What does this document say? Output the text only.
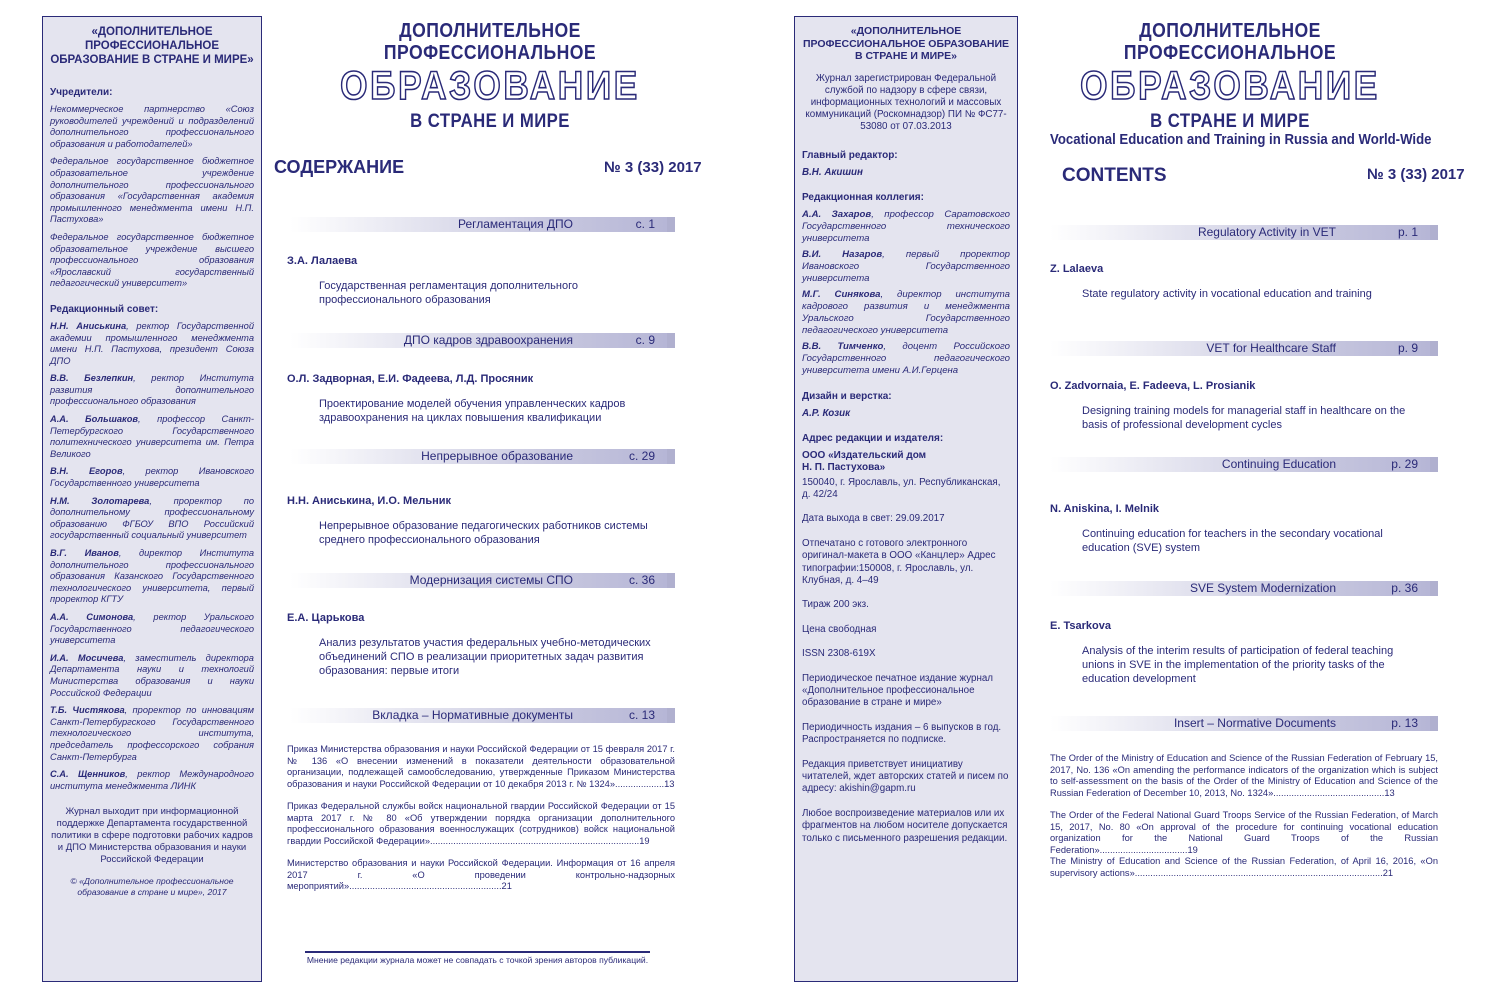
«ДОПОЛНИТЕЛЬНОЕ ПРОФЕССИОНАЛЬНОЕ ОБРАЗОВАНИЕ В СТРАНЕ И МИРЕ»
Учредители:
Некоммерческое партнерство «Союз руководителей учреждений и подразделений дополнительного профессионального образования и работодателей»
Федеральное государственное бюджетное образовательное учреждение дополнительного профессионального образования «Государственная академия промышленного менеджмента имени Н.П. Пастухова»
Федеральное государственное бюджетное образовательное учреждение высшего профессионального образования «Ярославский государственный педагогический университет»
Редакционный совет:
Н.Н. Аниськина, ректор Государственной академии промышленного менеджмента имени Н.П. Пастухова, президент Союза ДПО
В.В. Безлепкин, ректор Института развития дополнительного профессионального образования
А.А. Большаков, профессор Санкт-Петербургского Государственного политехнического университета им. Петра Великого
В.Н. Егоров, ректор Ивановского Государственного университета
Н.М. Золотарева, проректор по дополнительному профессиональному образованию ФГБОУ ВПО Российский государственный социальный университет
В.Г. Иванов, директор Института дополнительного профессионального образования Казанского Государственного технологического университета, первый проректор КГТУ
А.А. Симонова, ректор Уральского Государственного педагогического университета
И.А. Мосичева, заместитель директора Департамента науки и технологий Министерства образования и науки Российской Федерации
Т.Б. Чистякова, проректор по инновациям Санкт-Петербургского Государственного технологического института, председатель профессорского собрания Санкт-Петербурга
С.А. Щенников, ректор Международного института менеджмента ЛИНК
Журнал выходит при информационной поддержке Департамента государственной политики в сфере подготовки рабочих кадров и ДПО Министерства образования и науки Российской Федерации
© «Дополнительное профессиональное образование в стране и мире», 2017
ДОПОЛНИТЕЛЬНОЕ ПРОФЕССИОНАЛЬНОЕ
ОБРАЗОВАНИЕ
В СТРАНЕ И МИРЕ
СОДЕРЖАНИЕ	№ 3 (33) 2017
Регламентация ДПО	с. 1
З.А. Лалаева
Государственная регламентация дополнительного профессионального образования
ДПО кадров здравоохранения	с. 9
О.Л. Задворная, Е.И. Фадеева, Л.Д. Просяник
Проектирование моделей обучения управленческих кадров здравоохранения на циклах повышения квалификации
Непрерывное образование	с. 29
Н.Н. Аниськина, И.О. Мельник
Непрерывное образование педагогических работников системы среднего профессионального образования
Модернизация системы СПО	с. 36
Е.А. Царькова
Анализ результатов участия федеральных учебно-методических объединений СПО в реализации приоритетных задач развития образования: первые итоги
Вкладка – Нормативные документы	с. 13
Приказ Министерства образования и науки Российской Федерации от 15 февраля 2017 г. № 136 «О внесении изменений в показатели деятельности образовательной организации, подлежащей самообследованию, утвержденные Приказом Министерства образования и науки Российской Федерации от 10 декабря 2013 г. № 1324»...................13
Приказ Федеральной службы войск национальной гвардии Российской Федерации от 15 марта 2017 г. № 80 «Об утверждении порядка организации дополнительного профессионального образования военнослужащих (сотрудников) войск национальной гвардии Российской Федерации».................................................................................19
Министерство образования и науки Российской Федерации. Информация от 16 апреля 2017 г. «О проведении контрольно-надзорных мероприятий»...........................................................21
Мнение редакции журнала может не совпадать с точкой зрения авторов публикаций.
«ДОПОЛНИТЕЛЬНОЕ ПРОФЕССИОНАЛЬНОЕ ОБРАЗОВАНИЕ В СТРАНЕ И МИРЕ»
Журнал зарегистрирован Федеральной службой по надзору в сфере связи, информационных технологий и массовых коммуникаций (Роскомнадзор) ПИ № ФС77-53080 от 07.03.2013
Главный редактор:
В.Н. Акишин
Редакционная коллегия:
А.А. Захаров, профессор Саратовского Государственного технического университета
В.И. Назаров, первый проректор Ивановского Государственного университета
М.Г. Синякова, директор института кадрового развития и менеджмента Уральского Государственного педагогического университета
В.В. Тимченко, доцент Российского Государственного педагогического университета имени А.И.Герцена
Дизайн и верстка:
А.Р. Козик
Адрес редакции и издателя:
ООО «Издательский дом
Н. П. Пастухова»
150040, г. Ярославль, ул. Республиканская, д. 42/24
Дата выхода в свет: 29.09.2017
Отпечатано с готового электронного оригинал-макета в ООО «Канцлер» Адрес типографии:150008, г. Ярославль, ул. Клубная, д. 4–49
Тираж 200 экз.
Цена свободная
ISSN 2308-619X
Периодическое печатное издание журнал «Дополнительное профессиональное образование в стране и мире»
Периодичность издания – 6 выпусков в год. Распространяется по подписке.
Редакция приветствует инициативу читателей, ждет авторских статей и писем по адресу: akishin@gapm.ru
Любое воспроизведение материалов или их фрагментов на любом носителе допускается только с письменного разрешения редакции.
ДОПОЛНИТЕЛЬНОЕ ПРОФЕССИОНАЛЬНОЕ
ОБРАЗОВАНИЕ
В СТРАНЕ И МИРЕ
Vocational Education and Training in Russia and World-Wide
CONTENTS	№ 3 (33) 2017
Regulatory Activity in VET	p. 1
Z. Lalaeva
State regulatory activity in vocational education and training
VET for Healthcare Staff	p. 9
O. Zadvornaia, E. Fadeeva, L. Prosianik
Designing training models for managerial staff in healthcare on the basis of professional development cycles
Continuing Education	p. 29
N. Aniskina, I. Melnik
Continuing education for teachers in the secondary vocational education (SVE) system
SVE System Modernization	p. 36
E. Tsarkova
Analysis of the interim results of participation of federal teaching unions in SVE in the implementation of the priority tasks of the education development
Insert – Normative Documents	p. 13
The Order of the Ministry of Education and Science of the Russian Federation of February 15, 2017, No. 136 «On amending the performance indicators of the organization which is subject to self-assessment on the basis of the Order of the Ministry of Education and Science of the Russian Federation of December 10, 2013, No. 1324»...........................................13
The Order of the Federal National Guard Troops Service of the Russian Federation, of March 15, 2017, No. 80 «On approval of the procedure for continuing vocational education organization for the National Guard Troops of the Russian Federation»..................................19
The Ministry of Education and Science of the Russian Federation, of April 16, 2016, «On supervisory actions»................................................................................................21
